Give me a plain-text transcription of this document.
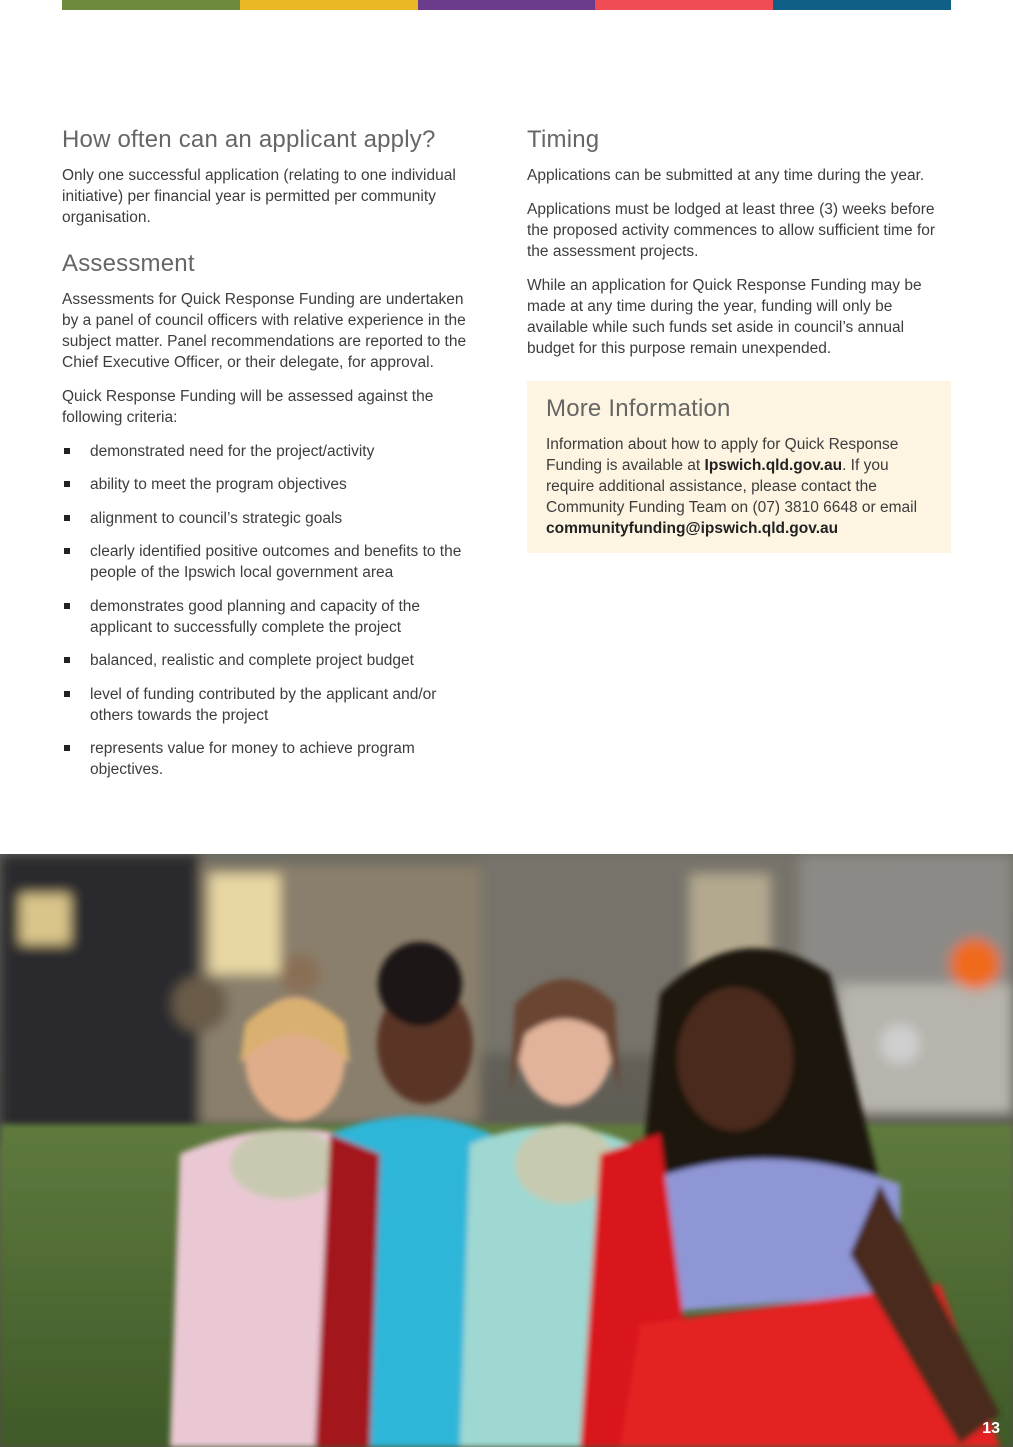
How often can an applicant apply?

Only one successful application (relating to one individual initiative) per financial year is permitted per community organisation.

Assessment

Assessments for Quick Response Funding are undertaken by a panel of council officers with relative experience in the subject matter. Panel recommendations are reported to the Chief Executive Officer, or their delegate, for approval.

Quick Response Funding will be assessed against the following criteria:

demonstrated need for the project/activity
ability to meet the program objectives
alignment to council’s strategic goals
clearly identified positive outcomes and benefits to the people of the Ipswich local government area
demonstrates good planning and capacity of the applicant to successfully complete the project
balanced, realistic and complete project budget
level of funding contributed by the applicant and/or others towards the project
represents value for money to achieve program objectives.
Timing

Applications can be submitted at any time during the year.

Applications must be lodged at least three (3) weeks before the proposed activity commences to allow sufficient time for the assessment projects.

While an application for Quick Response Funding may be made at any time during the year, funding will only be available while such funds set aside in council’s annual budget for this purpose remain unexpended.

More Information

Information about how to apply for Quick Response Funding is available at Ipswich.qld.gov.au. If you require additional assistance, please contact the Community Funding Team on (07) 3810 6648 or email communityfunding@ipswich.qld.gov.au

13
